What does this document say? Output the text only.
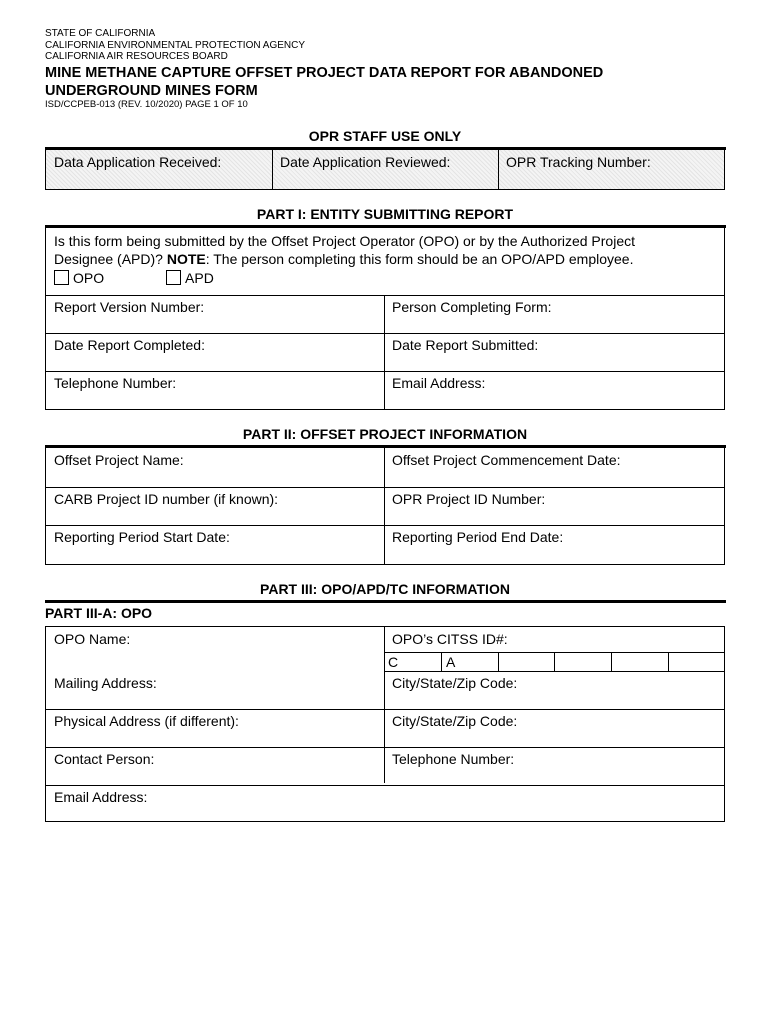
STATE OF CALIFORNIA
CALIFORNIA ENVIRONMENTAL PROTECTION AGENCY
CALIFORNIA AIR RESOURCES BOARD
MINE METHANE CAPTURE OFFSET PROJECT DATA REPORT FOR ABANDONED
UNDERGROUND MINES FORM
ISD/CCPEB-013 (REV. 10/2020) PAGE 1 OF 10
OPR STAFF USE ONLY
Data Application Received:	Date Application Reviewed:	OPR Tracking Number:
PART I: ENTITY SUBMITTING REPORT
Is this form being submitted by the Offset Project Operator (OPO) or by the Authorized Project
Designee (APD)? NOTE: The person completing this form should be an OPO/APD employee.
OPO	APD
Report Version Number:	Person Completing Form:
Date Report Completed:	Date Report Submitted:
Telephone Number:	Email Address:
PART II: OFFSET PROJECT INFORMATION
Offset Project Name:	Offset Project Commencement Date:
CARB Project ID number (if known):	OPR Project ID Number:
Reporting Period Start Date:	Reporting Period End Date:
PART III: OPO/APD/TC INFORMATION
PART III-A: OPO
OPO Name:	OPO’s CITSS ID#:
C	A
Mailing Address:	City/State/Zip Code:
Physical Address (if different):	City/State/Zip Code:
Contact Person:	Telephone Number:
Email Address:
